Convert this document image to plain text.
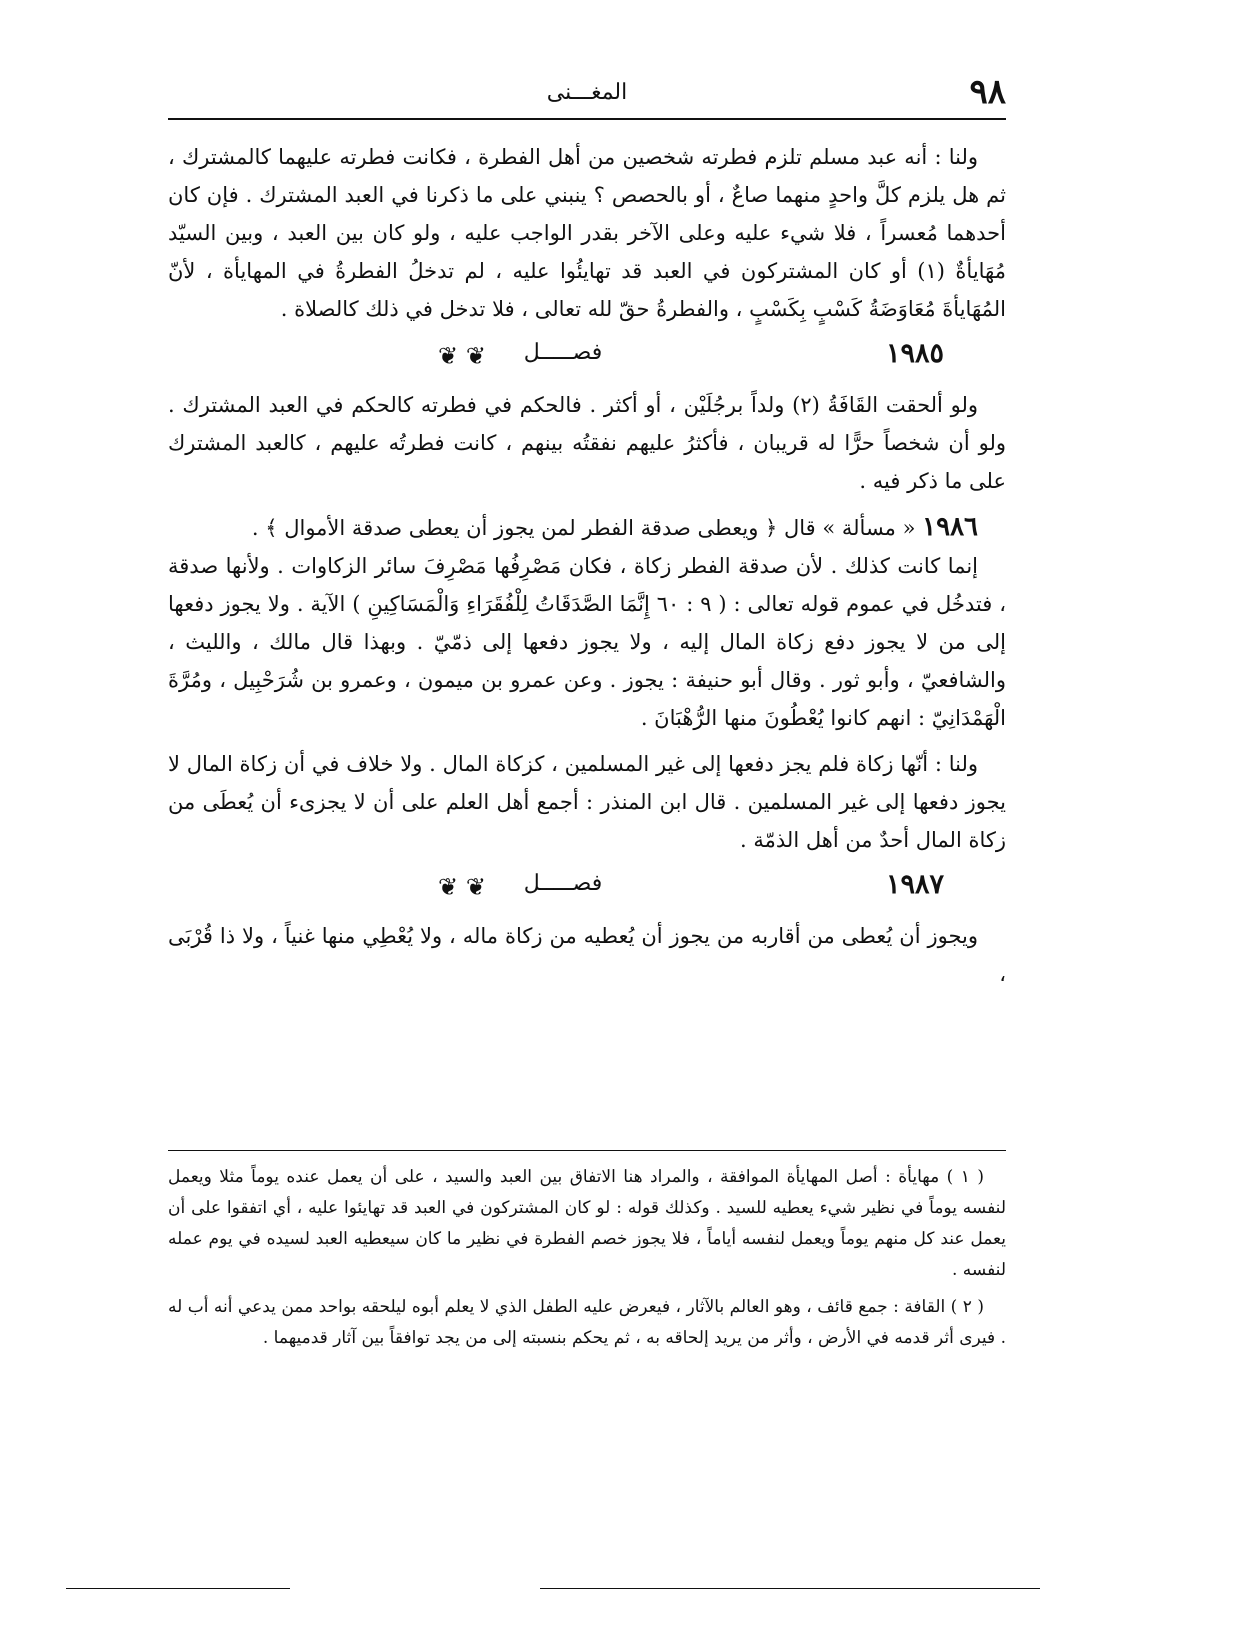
٩٨
المغـــنى

ولنا : أنه عبد مسلم تلزم فطرته شخصين من أهل الفطرة ، فكانت فطرته عليهما كالمشترك ، ثم هل يلزم كلَّ واحدٍ منهما صاعٌ ، أو بالحصص ؟ ينبني على ما ذكرنا في العبد المشترك . فإن كان أحدهما مُعسراً ، فلا شيء عليه وعلى الآخر بقدر الواجب عليه ، ولو كان بين العبد ، وبين السيّد مُهَايأةٌ (١) أو كان المشتركون في العبد قد تهايئُوا عليه ، لم تدخلُ الفطرةُ في المهايأة ، لأنّ المُهَايأةَ مُعَاوَضَةُ كَسْبٍ بِكَسْبٍ ، والفطرةُ حقّ لله تعالى ، فلا تدخل في ذلك كالصلاة .

١٩٨٥
❦	فصـــــل
❦

ولو ألحقت القَافَةُ (٢) ولداً برجُلَيْن ، أو أكثر . فالحكم في فطرته كالحكم في العبد المشترك . ولو أن شخصاً حرًّا له قريبان ، فأكثرُ عليهم نفقتُه بينهم ، كانت فطرتُه عليهم ، كالعبد المشترك على ما ذكر فيه .

١٩٨٦ « مسألة » قال ﴿ ويعطى صدقة الفطر لمن يجوز أن يعطى صدقة الأموال ﴾ .

إنما كانت كذلك . لأن صدقة الفطر زكاة ، فكان مَصْرِفُها مَصْرِفَ سائر الزكاوات . ولأنها صدقة ، فتدخُل في عموم قوله تعالى : ( ٩ : ٦٠ إِنَّمَا الصَّدَقَاتُ لِلْفُقَرَاءِ وَالْمَسَاكِينِ ) الآية . ولا يجوز دفعها إلى من لا يجوز دفع زكاة المال إليه ، ولا يجوز دفعها إلى ذمّيّ . وبهذا قال مالك ، والليث ، والشافعيّ ، وأبو ثور . وقال أبو حنيفة : يجوز . وعن عمرو بن ميمون ، وعمرو بن شُرَحْبِيل ، ومُرَّةَ الْهَمْدَانِيّ : انهم كانوا يُعْطُونَ منها الرُّهْبَانَ .

ولنا : أنّها زكاة فلم يجز دفعها إلى غير المسلمين ، كزكاة المال . ولا خلاف في أن زكاة المال لا يجوز دفعها إلى غير المسلمين . قال ابن المنذر : أجمع أهل العلم على أن لا يجزىء أن يُعطَى من زكاة المال أحدٌ من أهل الذمّة .

١٩٨٧
❦	فصـــــل
❦

ويجوز أن يُعطى من أقاربه من يجوز أن يُعطيه من زكاة ماله ، ولا يُعْطِي منها غنياً ، ولا ذا قُرْبَى ،

( ١ ) مهايأة : أصل المهايأة الموافقة ، والمراد هنا الاتفاق بين العبد والسيد ، على أن يعمل عنده يوماً مثلا ويعمل لنفسه يوماً في نظير شيء يعطيه للسيد . وكذلك قوله : لو كان المشتركون في العبد قد تهايئوا عليه ، أي اتفقوا على أن يعمل عند كل منهم يوماً ويعمل لنفسه أياماً ، فلا يجوز خصم الفطرة في نظير ما كان سيعطيه العبد لسيده في يوم عمله لنفسه .

( ٢ ) القافة : جمع قائف ، وهو العالم بالآثار ، فيعرض عليه الطفل الذي لا يعلم أبوه ليلحقه بواحد ممن يدعي أنه أب له . فيرى أثر قدمه في الأرض ، وأثر من يريد إلحاقه به ، ثم يحكم بنسبته إلى من يجد توافقاً بين آثار قدميهما .
